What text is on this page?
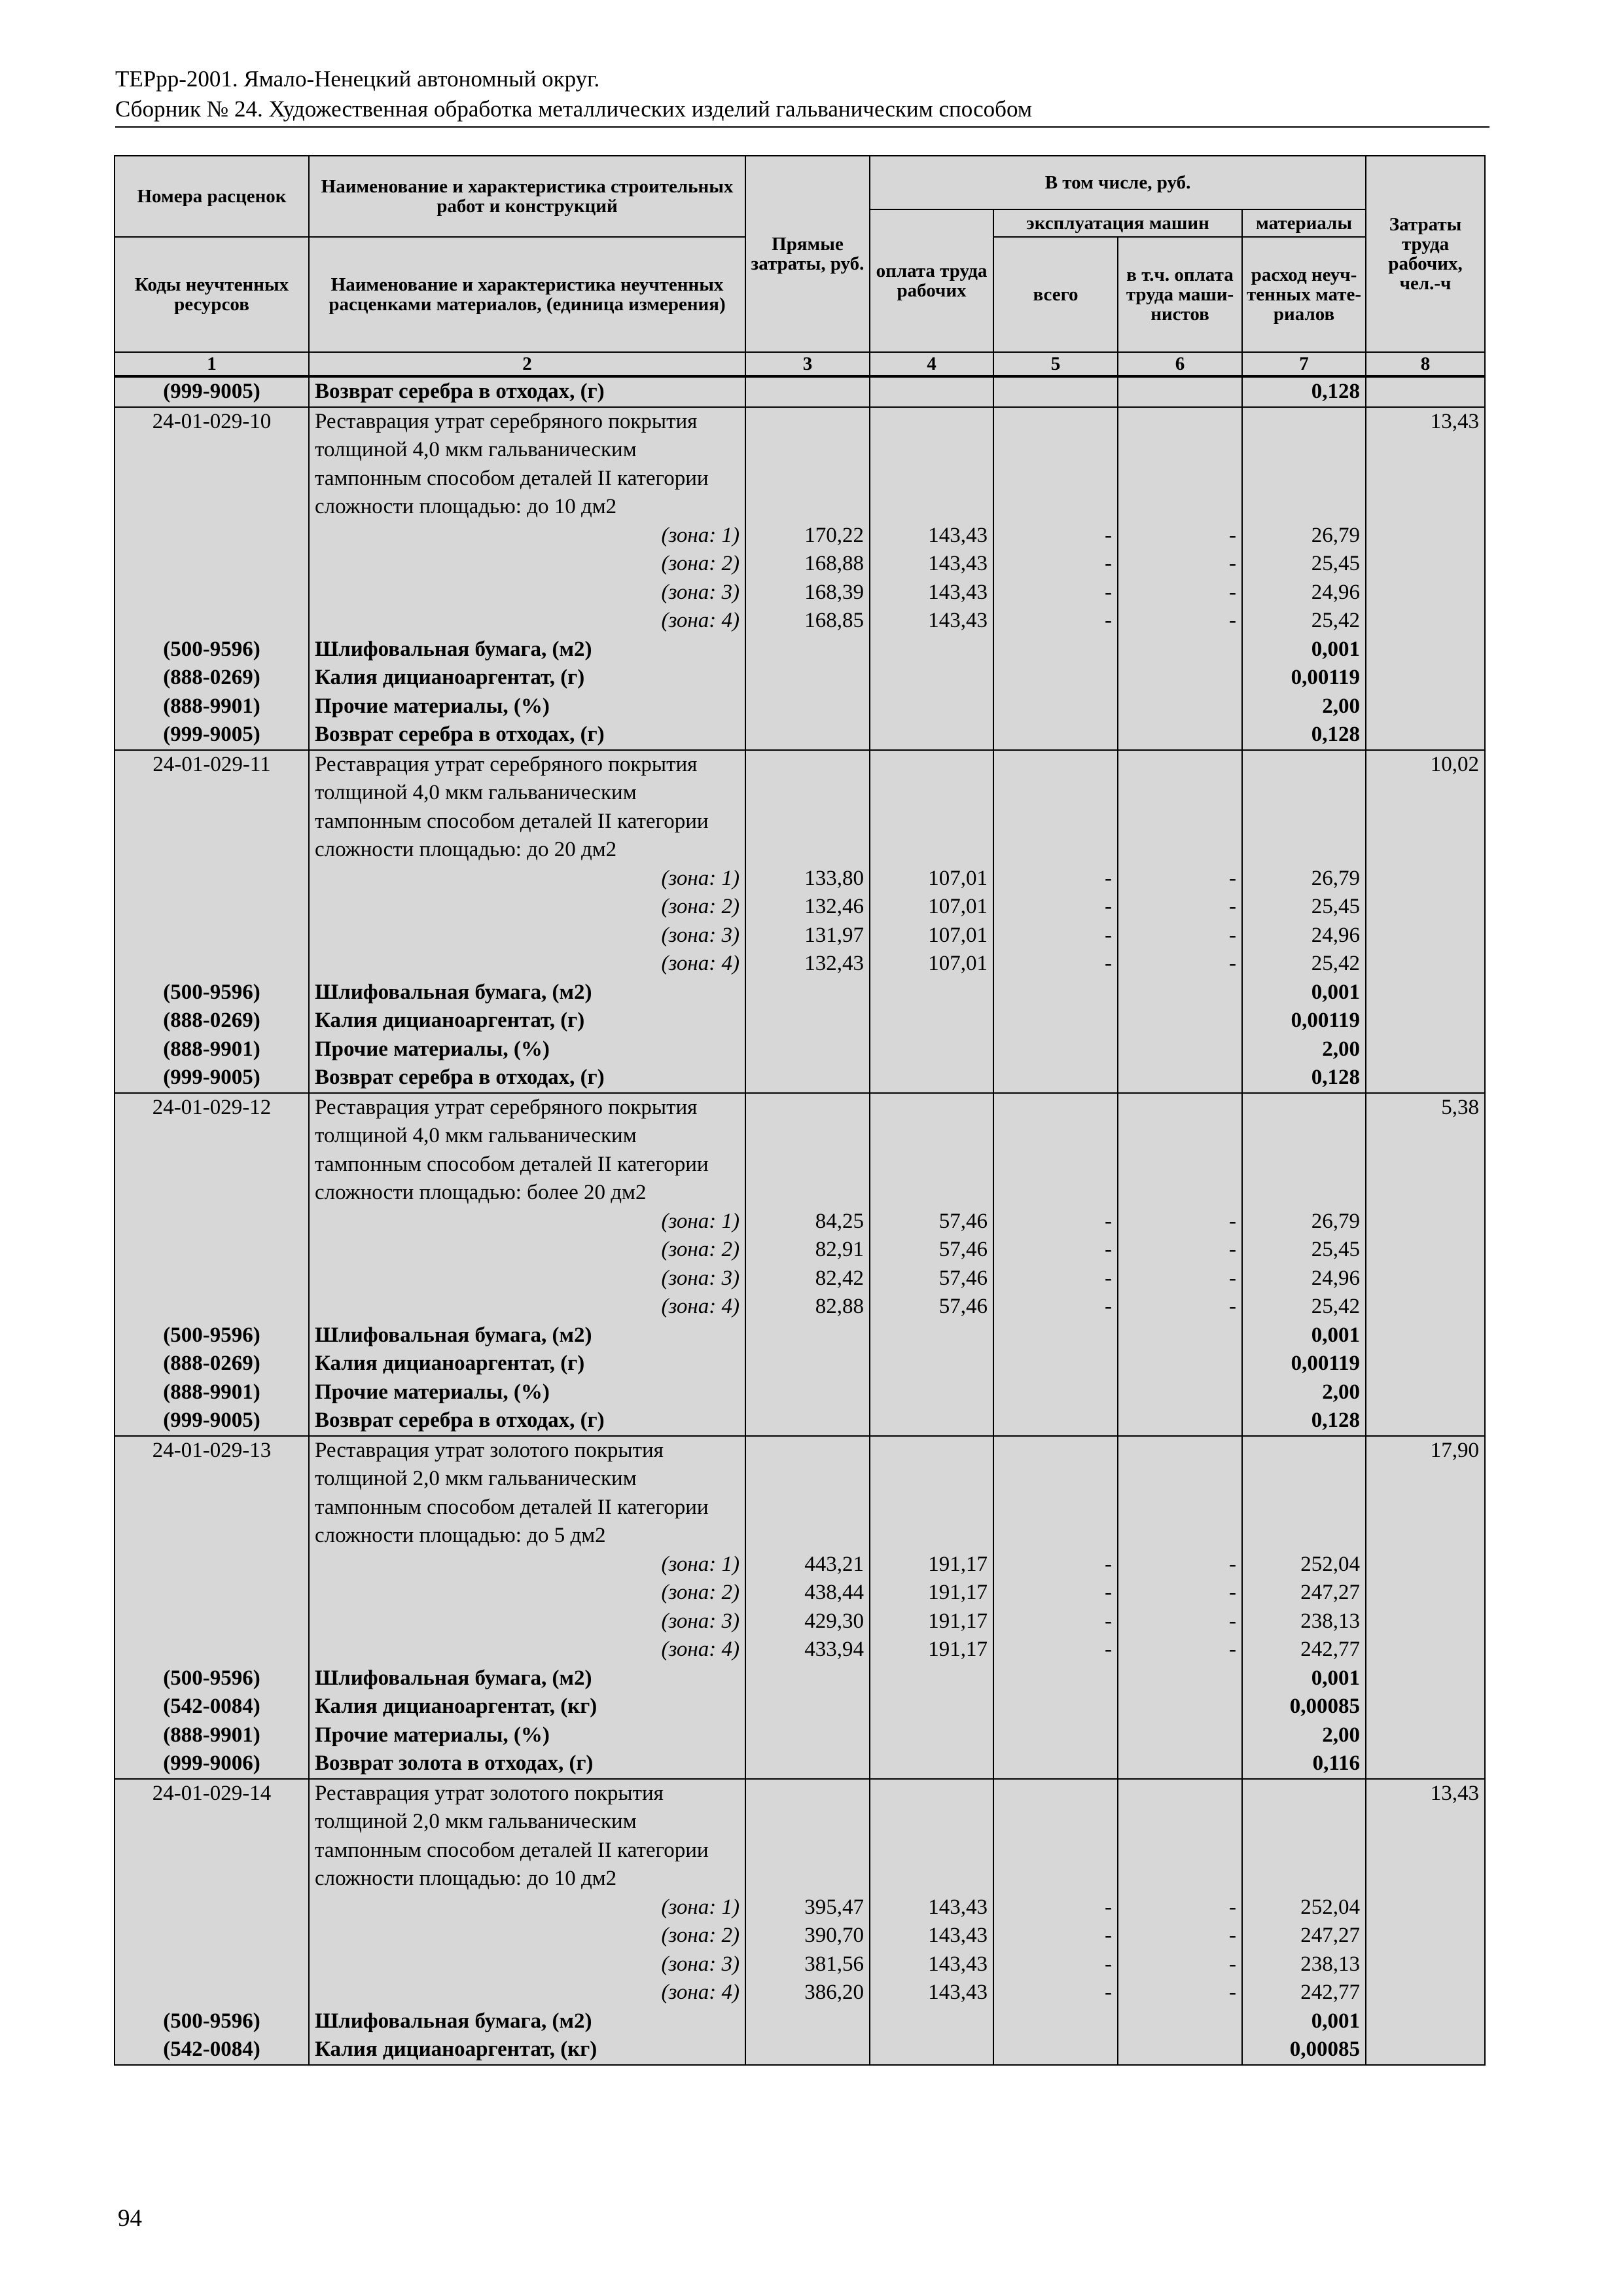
ТЕРрр-2001. Ямало-Ненецкий автономный округ.
Сборник № 24. Художественная обработка металлических изделий гальваническим способом
Номера расценок	Наименование и характеристика строительных работ и конструкций	Прямые затраты, руб.	В том числе, руб.				Затраты труда рабочих, чел.-ч
			оплата труда рабочих	эксплуатация машин		материалы	
Коды неучтенных ресурсов	Наименование и характеристика неучтенных расценками материалов, (единица измерения)			всего	в т.ч. оплата труда маши-нистов	расход неуч-тенных мате-риалов	

1	2	3	4	5	6	7	8
(999-9005)	Возврат серебра в отходах, (г)					0,128	
24-01-029-10	Реставрация утрат серебряного покрытия толщиной 4,0 мкм гальваническим тампонным способом деталей II категории сложности площадью: до 10 дм2						13,43
	(зона: 1)	170,22	143,43	-	-	26,79	
	(зона: 2)	168,88	143,43	-	-	25,45	
	(зона: 3)	168,39	143,43	-	-	24,96	
	(зона: 4)	168,85	143,43	-	-	25,42	
(500-9596)	Шлифовальная бумага, (м2)					0,001	
(888-0269)	Калия дицианоаргентат, (г)					0,00119	
(888-9901)	Прочие материалы, (%)					2,00	
(999-9005)	Возврат серебра в отходах, (г)					0,128	
24-01-029-11	Реставрация утрат серебряного покрытия толщиной 4,0 мкм гальваническим тампонным способом деталей II категории сложности площадью: до 20 дм2						10,02
	(зона: 1)	133,80	107,01	-	-	26,79	
	(зона: 2)	132,46	107,01	-	-	25,45	
	(зона: 3)	131,97	107,01	-	-	24,96	
	(зона: 4)	132,43	107,01	-	-	25,42	
(500-9596)	Шлифовальная бумага, (м2)					0,001	
(888-0269)	Калия дицианоаргентат, (г)					0,00119	
(888-9901)	Прочие материалы, (%)					2,00	
(999-9005)	Возврат серебра в отходах, (г)					0,128	
24-01-029-12	Реставрация утрат серебряного покрытия толщиной 4,0 мкм гальваническим тампонным способом деталей II категории сложности площадью: более 20 дм2						5,38
	(зона: 1)	84,25	57,46	-	-	26,79	
	(зона: 2)	82,91	57,46	-	-	25,45	
	(зона: 3)	82,42	57,46	-	-	24,96	
	(зона: 4)	82,88	57,46	-	-	25,42	
(500-9596)	Шлифовальная бумага, (м2)					0,001	
(888-0269)	Калия дицианоаргентат, (г)					0,00119	
(888-9901)	Прочие материалы, (%)					2,00	
(999-9005)	Возврат серебра в отходах, (г)					0,128	
24-01-029-13	Реставрация утрат золотого покрытия толщиной 2,0 мкм гальваническим тампонным способом деталей II категории сложности площадью: до 5 дм2						17,90
	(зона: 1)	443,21	191,17	-	-	252,04	
	(зона: 2)	438,44	191,17	-	-	247,27	
	(зона: 3)	429,30	191,17	-	-	238,13	
	(зона: 4)	433,94	191,17	-	-	242,77	
(500-9596)	Шлифовальная бумага, (м2)					0,001	
(542-0084)	Калия дицианоаргентат, (кг)					0,00085	
(888-9901)	Прочие материалы, (%)					2,00	
(999-9006)	Возврат золота в отходах, (г)					0,116	
24-01-029-14	Реставрация утрат золотого покрытия толщиной 2,0 мкм гальваническим тампонным способом деталей II категории сложности площадью: до 10 дм2						13,43
	(зона: 1)	395,47	143,43	-	-	252,04	
	(зона: 2)	390,70	143,43	-	-	247,27	
	(зона: 3)	381,56	143,43	-	-	238,13	
	(зона: 4)	386,20	143,43	-	-	242,77	
(500-9596)	Шлифовальная бумага, (м2)					0,001	
(542-0084)	Калия дицианоаргентат, (кг)					0,00085	
94
